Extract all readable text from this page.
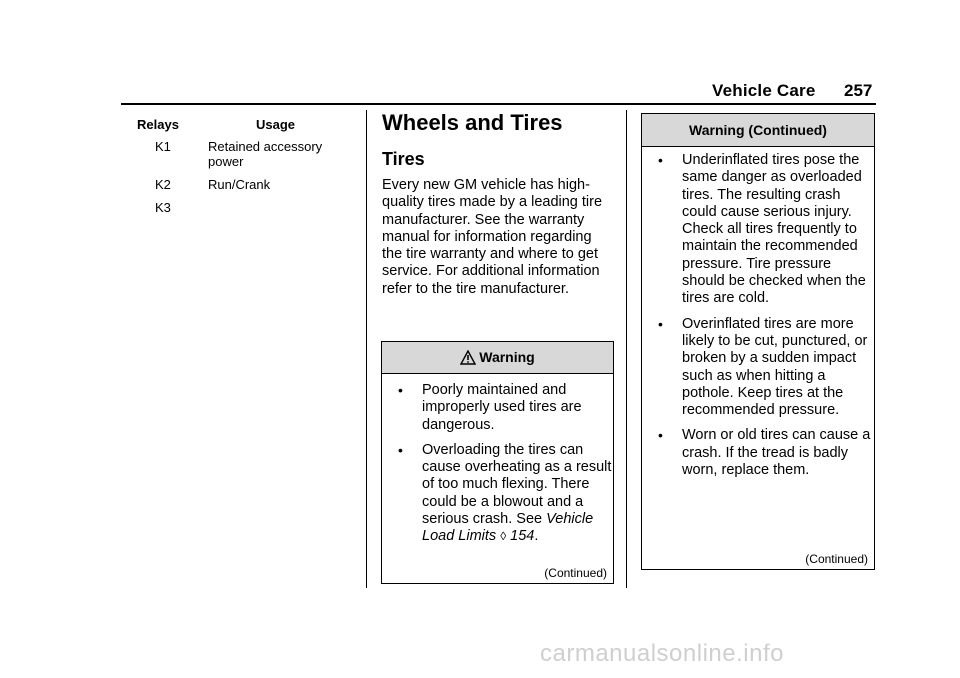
Vehicle Care 257
Relays	Usage
K1	Retained accessory power
K2	Run/Crank
K3
Wheels and Tires
Tires
Every new GM vehicle has high-quality tires made by a leading tire manufacturer. See the warranty manual for information regarding the tire warranty and where to get service. For additional information refer to the tire manufacturer.
Warning
• Poorly maintained and improperly used tires are dangerous.
• Overloading the tires can cause overheating as a result of too much flexing. There could be a blowout and a serious crash. See Vehicle Load Limits ◊ 154.
(Continued)
Warning (Continued)
• Underinflated tires pose the same danger as overloaded tires. The resulting crash could cause serious injury. Check all tires frequently to maintain the recommended pressure. Tire pressure should be checked when the tires are cold.
• Overinflated tires are more likely to be cut, punctured, or broken by a sudden impact      such as when hitting a pothole. Keep tires at the recommended pressure.
• Worn or old tires can cause a crash. If the tread is badly worn, replace them.
(Continued)
carmanualsonline.info
